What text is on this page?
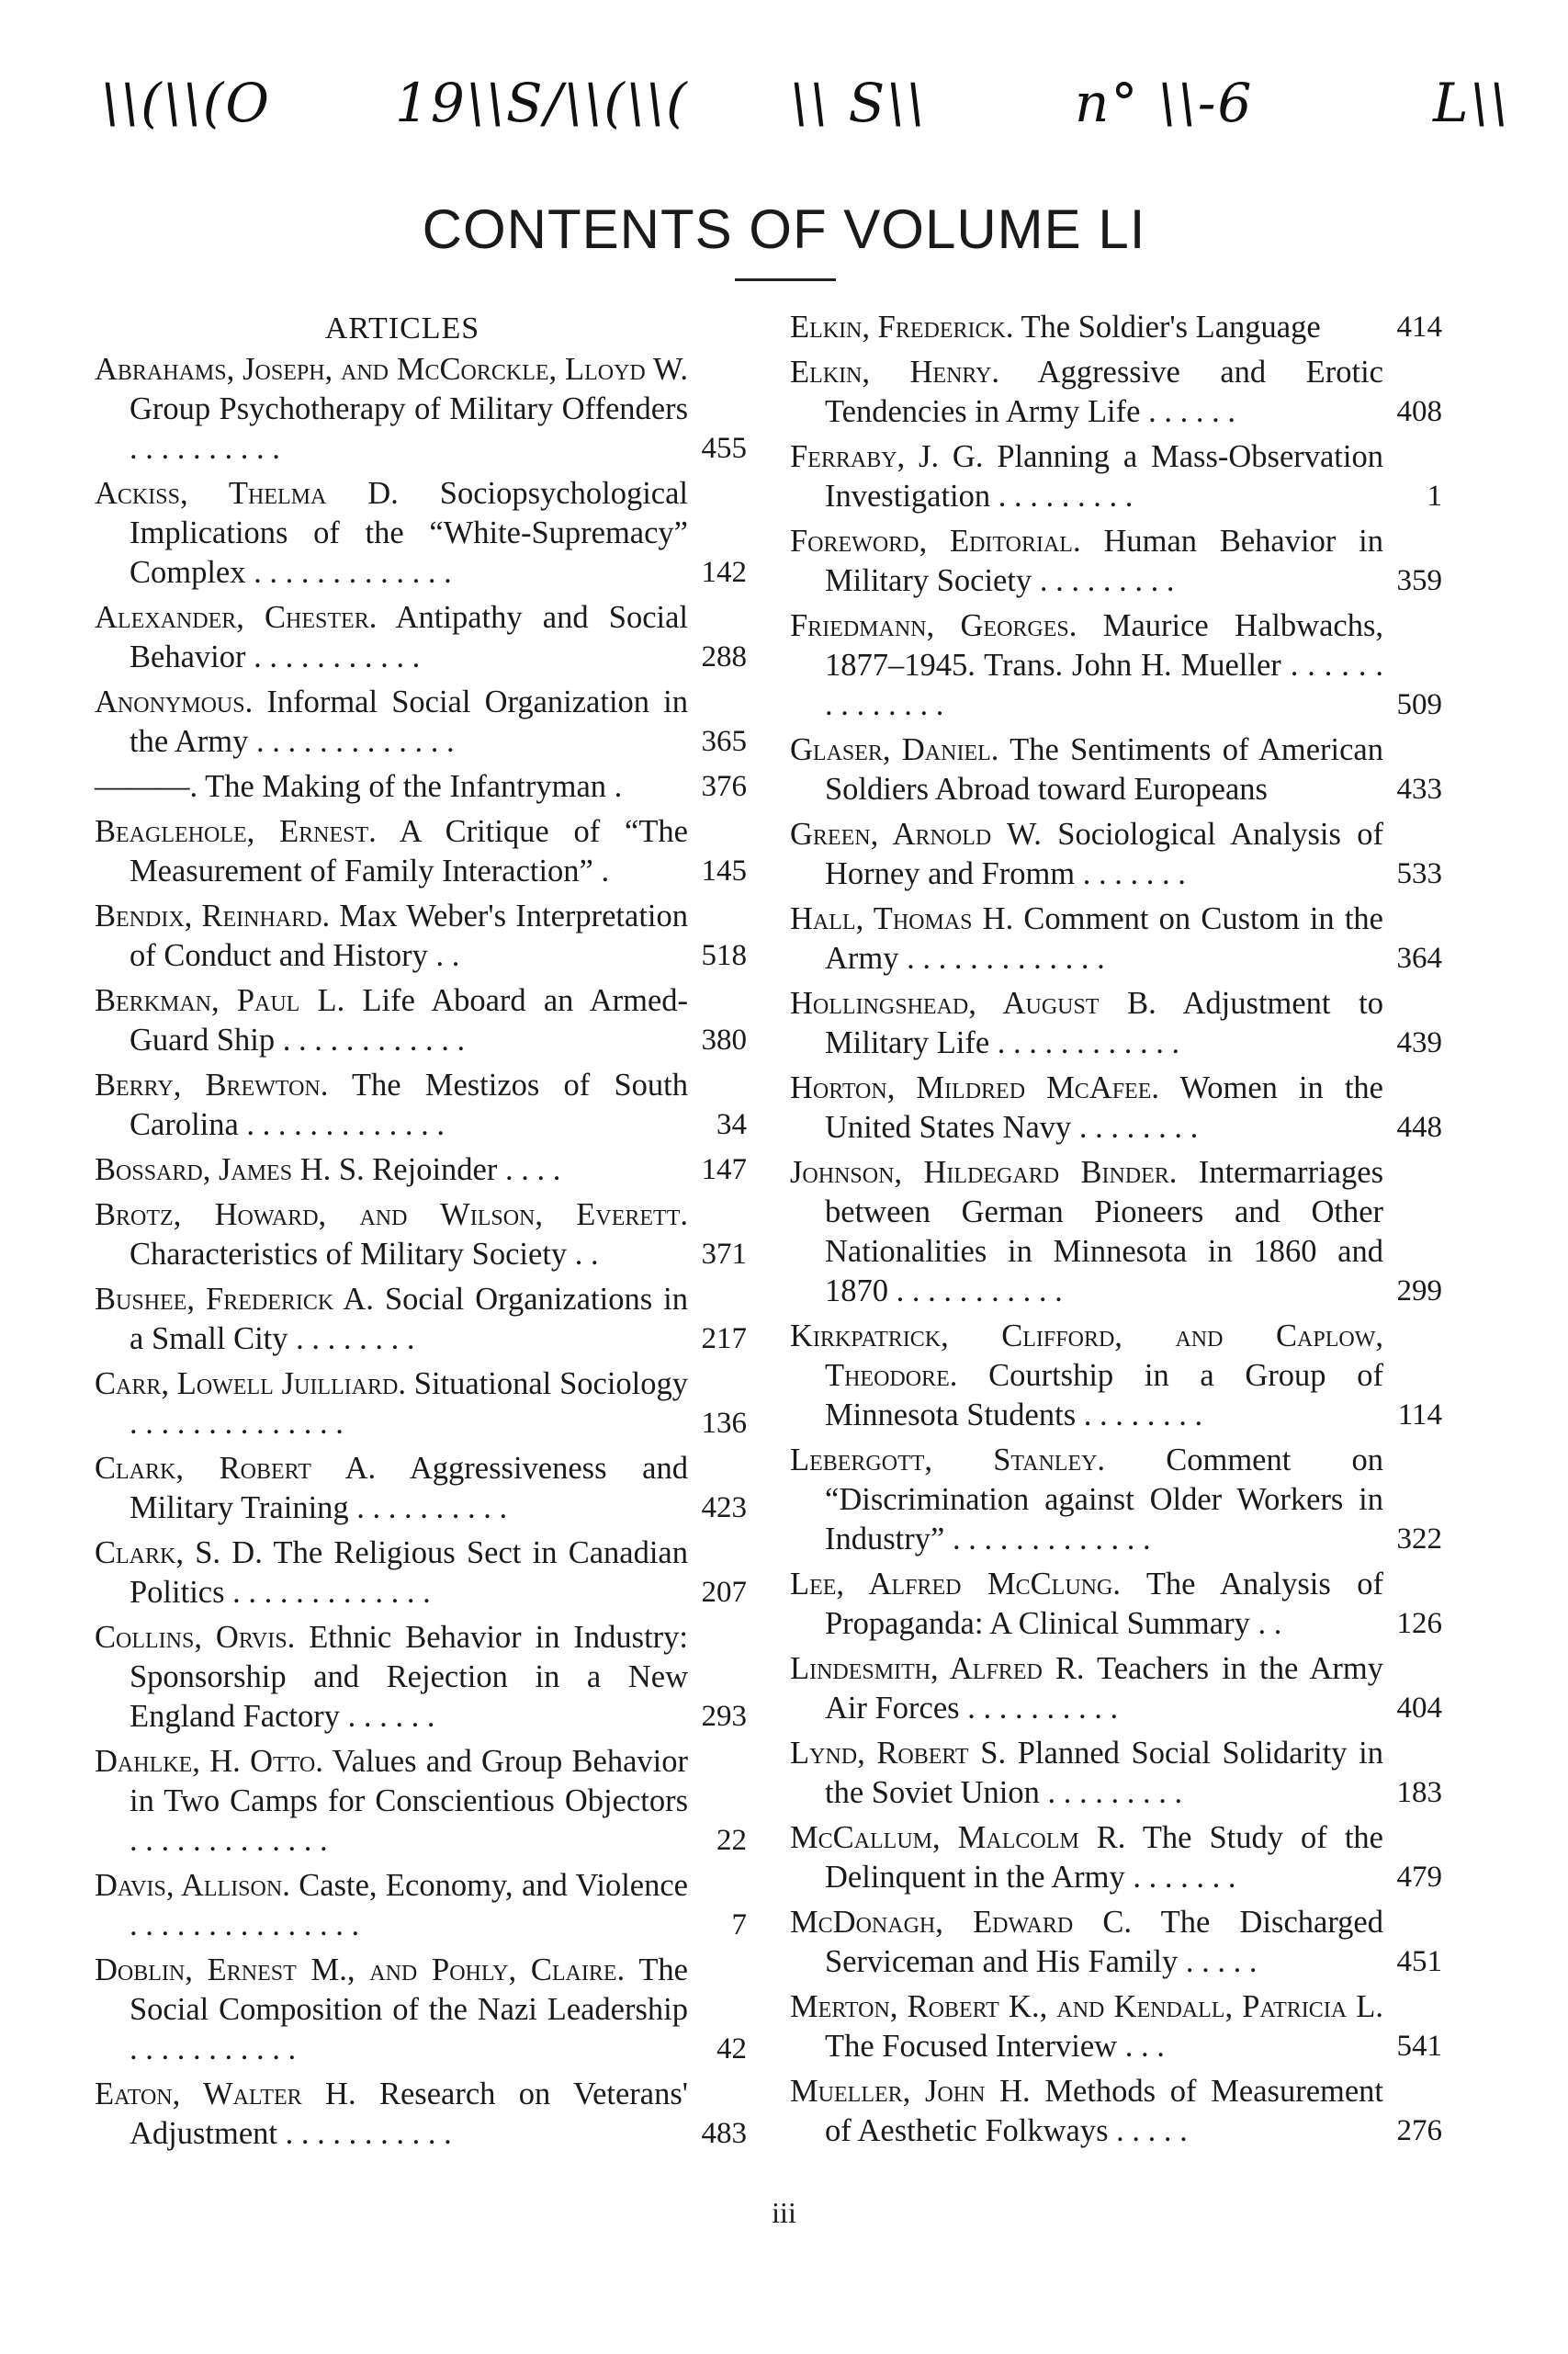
\\(\\(O 19\\S/\\(\\( \\ S\\	n° \\-6	L\\
CONTENTS OF VOLUME LI
ARTICLES
Abrahams, Joseph, and McCorckle, Lloyd W. Group Psychotherapy of Military Offenders . . . . . . . . . .	455
Ackiss, Thelma D. Sociopsychological Implications of the “White-Supremacy” Complex . . . . . . . . . . . . .	142
Alexander, Chester. Antipathy and Social Behavior . . . . . . . . . . .	288
Anonymous. Informal Social Organization in the Army . . . . . . . . . . . . .	365
———. The Making of the Infantryman .	376
Beaglehole, Ernest. A Critique of “The Measurement of Family Interaction” .	145
Bendix, Reinhard. Max Weber's Interpretation of Conduct and History . .	518
Berkman, Paul L. Life Aboard an Armed-Guard Ship . . . . . . . . . . . .	380
Berry, Brewton. The Mestizos of South Carolina . . . . . . . . . . . . .	34
Bossard, James H. S. Rejoinder . . . .	147
Brotz, Howard, and Wilson, Everett. Characteristics of Military Society . .	371
Bushee, Frederick A. Social Organizations in a Small City . . . . . . . .	217
Carr, Lowell Juilliard. Situational Sociology . . . . . . . . . . . . . .	136
Clark, Robert A. Aggressiveness and Military Training . . . . . . . . . .	423
Clark, S. D. The Religious Sect in Canadian Politics . . . . . . . . . . . . .	207
Collins, Orvis. Ethnic Behavior in Industry: Sponsorship and Rejection in a New England Factory . . . . . .	293
Dahlke, H. Otto. Values and Group Behavior in Two Camps for Conscientious Objectors . . . . . . . . . . . . .	22
Davis, Allison. Caste, Economy, and Violence . . . . . . . . . . . . . . .	7
Doblin, Ernest M., and Pohly, Claire. The Social Composition of the Nazi Leadership . . . . . . . . . . .	42
Eaton, Walter H. Research on Veterans' Adjustment . . . . . . . . . . .	483
Elkin, Frederick. The Soldier's Language	414
Elkin, Henry. Aggressive and Erotic Tendencies in Army Life . . . . . .	408
Ferraby, J. G. Planning a Mass-Observation Investigation . . . . . . . . .	1
Foreword, Editorial. Human Behavior in Military Society . . . . . . . . .	359
Friedmann, Georges. Maurice Halbwachs, 1877–1945. Trans. John H. Mueller . . . . . . . . . . . . . .	509
Glaser, Daniel. The Sentiments of American Soldiers Abroad toward Europeans	433
Green, Arnold W. Sociological Analysis of Horney and Fromm . . . . . . .	533
Hall, Thomas H. Comment on Custom in the Army . . . . . . . . . . . . .	364
Hollingshead, August B. Adjustment to Military Life . . . . . . . . . . . .	439
Horton, Mildred McAfee. Women in the United States Navy . . . . . . . .	448
Johnson, Hildegard Binder. Intermarriages between German Pioneers and Other Nationalities in Minnesota in 1860 and 1870 . . . . . . . . . . .	299
Kirkpatrick, Clifford, and Caplow, Theodore. Courtship in a Group of Minnesota Students . . . . . . . .	114
Lebergott, Stanley. Comment on “Discrimination against Older Workers in Industry” . . . . . . . . . . . . .	322
Lee, Alfred McClung. The Analysis of Propaganda: A Clinical Summary . .	126
Lindesmith, Alfred R. Teachers in the Army Air Forces . . . . . . . . . .	404
Lynd, Robert S. Planned Social Solidarity in the Soviet Union . . . . . . . . .	183
McCallum, Malcolm R. The Study of the Delinquent in the Army . . . . . . .	479
McDonagh, Edward C. The Discharged Serviceman and His Family . . . . .	451
Merton, Robert K., and Kendall, Patricia L. The Focused Interview . . .	541
Mueller, John H. Methods of Measurement of Aesthetic Folkways . . . . .	276
iii
